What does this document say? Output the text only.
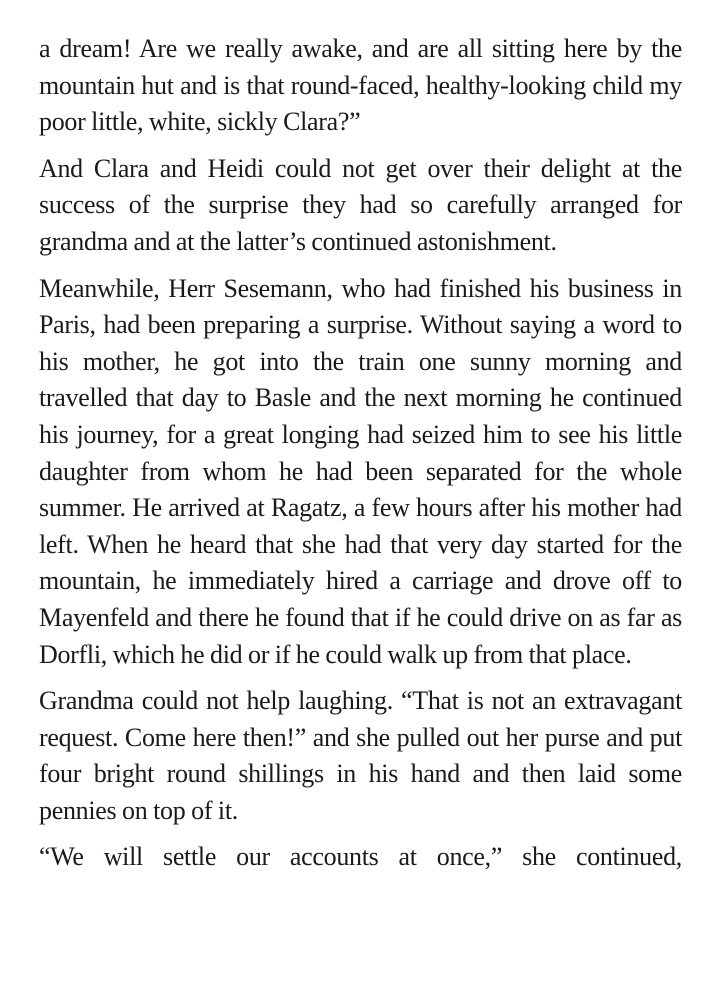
a dream! Are we really awake, and are all sitting here by the mountain hut and is that round-faced, healthy-looking child my poor little, white, sickly Clara?”

And Clara and Heidi could not get over their delight at the success of the surprise they had so carefully arranged for grandma and at the latter’s continued astonishment.

Meanwhile, Herr Sesemann, who had finished his business in Paris, had been preparing a surprise. Without saying a word to his mother, he got into the train one sunny morning and travelled that day to Basle and the next morning he continued his journey, for a great longing had seized him to see his little daughter from whom he had been separated for the whole summer. He arrived at Ragatz, a few hours after his mother had left. When he heard that she had that very day started for the mountain, he immediately hired a carriage and drove off to Mayenfeld and there he found that if he could drive on as far as Dorfli, which he did or if he could walk up from that place.

Grandma could not help laughing. “That is not an extravagant request. Come here then!” and she pulled out her purse and put four bright round shillings in his hand and then laid some pennies on top of it.

“We will settle our accounts at once,” she continued,
